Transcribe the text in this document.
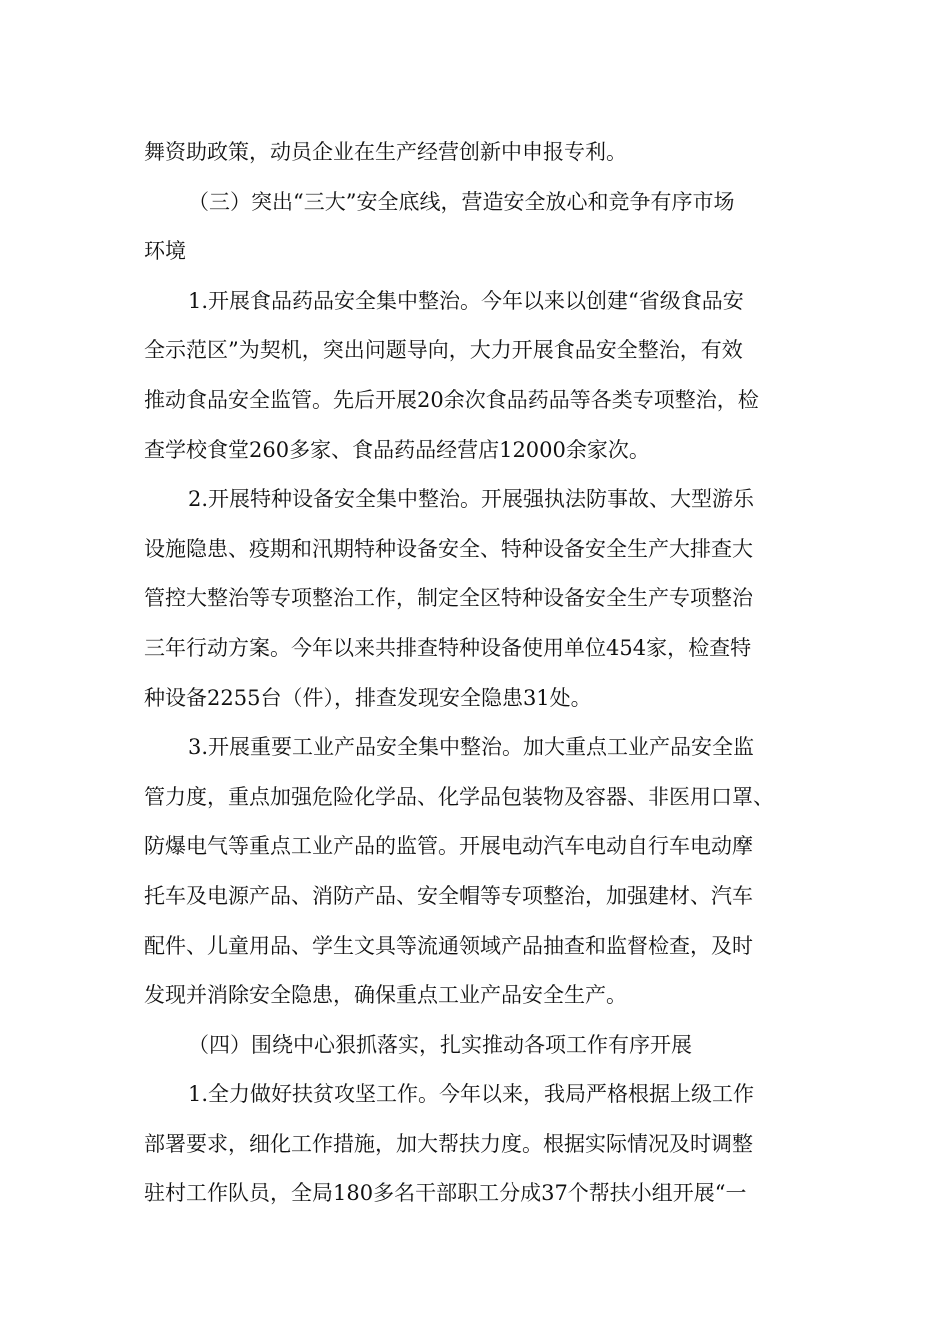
舞资助政策，动员企业在生产经营创新中申报专利。
（三）突出“三大”安全底线，营造安全放心和竞争有序市场
环境
1.开展食品药品安全集中整治。今年以来以创建“省级食品安
全示范区”为契机，突出问题导向，大力开展食品安全整治，有效
推动食品安全监管。先后开展20余次食品药品等各类专项整治，检
查学校食堂260多家、食品药品经营店12000余家次。
2.开展特种设备安全集中整治。开展强执法防事故、大型游乐
设施隐患、疫期和汛期特种设备安全、特种设备安全生产大排查大
管控大整治等专项整治工作，制定全区特种设备安全生产专项整治
三年行动方案。今年以来共排查特种设备使用单位454家，检查特
种设备2255台（件），排查发现安全隐患31处。
3.开展重要工业产品安全集中整治。加大重点工业产品安全监
管力度，重点加强危险化学品、化学品包装物及容器、非医用口罩、
防爆电气等重点工业产品的监管。开展电动汽车电动自行车电动摩
托车及电源产品、消防产品、安全帽等专项整治，加强建材、汽车
配件、儿童用品、学生文具等流通领域产品抽查和监督检查，及时
发现并消除安全隐患，确保重点工业产品安全生产。
（四）围绕中心狠抓落实，扎实推动各项工作有序开展
1.全力做好扶贫攻坚工作。今年以来，我局严格根据上级工作
部署要求，细化工作措施，加大帮扶力度。根据实际情况及时调整
驻村工作队员，全局180多名干部职工分成37个帮扶小组开展“一
